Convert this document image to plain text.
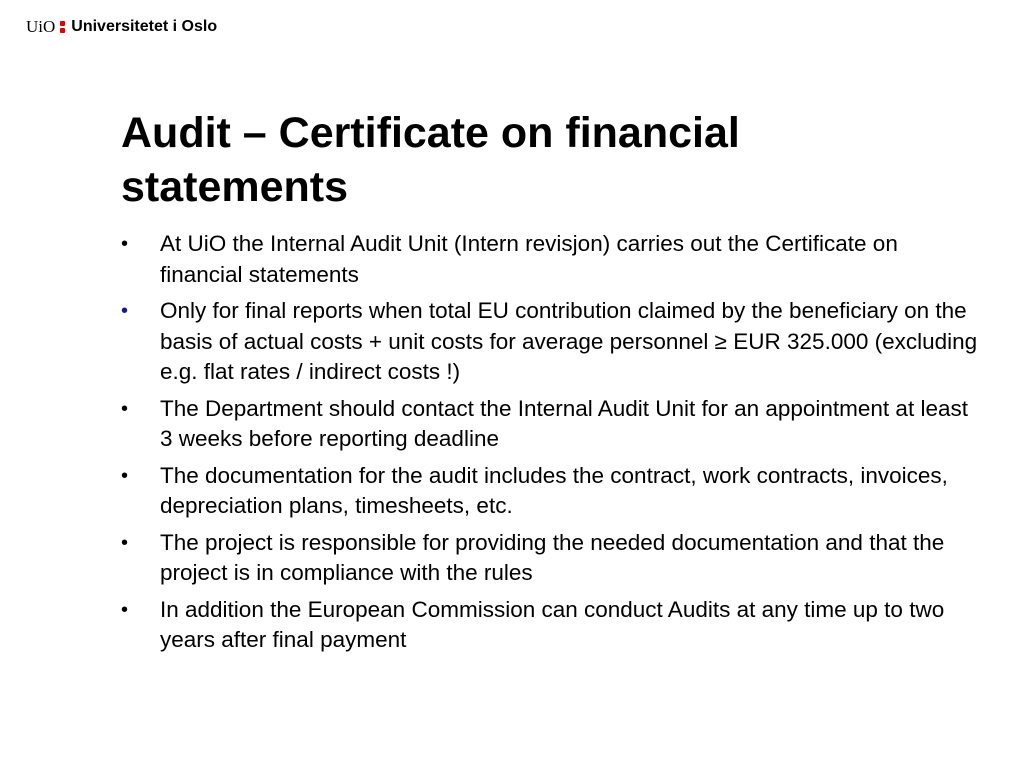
UiO Universitetet i Oslo
Audit – Certificate on financial statements
• At UiO the Internal Audit Unit (Intern revisjon) carries out the Certificate on financial statements
• Only for final reports when total EU contribution claimed by the beneficiary on the basis of actual costs + unit costs for average personnel ≥ EUR 325.000 (excluding e.g. flat rates / indirect costs !)
• The Department should contact the Internal Audit Unit for an appointment at least 3 weeks before reporting deadline
• The documentation for the audit includes the contract, work contracts, invoices, depreciation plans, timesheets, etc.
• The project is responsible for providing the needed documentation and that the project is in compliance with the rules
• In addition the European Commission can conduct Audits at any time up to two years after final payment
